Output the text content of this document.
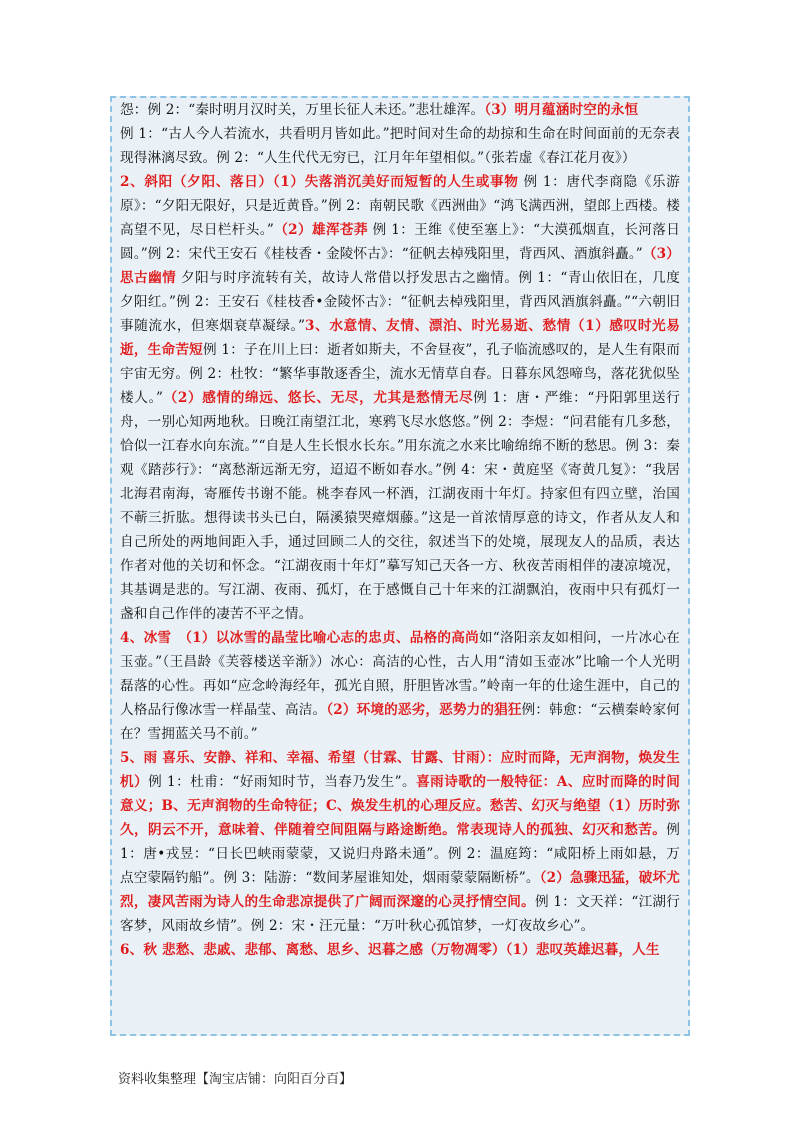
怨：例 2：“秦时明月汉时关，万里长征人未还。”悲壮雄浑。（3）明月蕴涵时空的永恒
例 1：“古人今人若流水，共看明月皆如此。”把时间对生命的劫掠和生命在时间面前的无奈表现得淋漓尽致。例 2：“人生代代无穷已，江月年年望相似。”（张若虚《春江花月夜》）
2、斜阳（夕阳、落日）（1）失落消沉美好而短暂的人生或事物 例 1：唐代李商隐《乐游原》：“夕阳无限好，只是近黄昏。”例 2：南朝民歌《西洲曲》“鸿飞满西洲，望郎上西楼。楼高望不见，尽日栏杆头。”（2）雄浑苍莽 例 1：王维《使至塞上》：“大漠孤烟直，长河落日圆。”例 2：宋代王安石《桂枝香・金陵怀古》：“征帆去棹残阳里，背西风、酒旗斜矗。”（3）思古幽情 夕阳与时序流转有关，故诗人常借以抒发思古之幽情。例 1：“青山依旧在，几度夕阳红。”例 2：王安石《桂枝香•金陵怀古》：“征帆去棹残阳里，背西风酒旗斜矗。”“六朝旧事随流水，但寒烟衰草凝绿。”3、水意情、友情、漂泊、时光易逝、愁情（1）感叹时光易逝，生命苦短例 1：子在川上曰：逝者如斯夫，不舍昼夜”，孔子临流感叹的，是人生有限而宇宙无穷。例 2：杜牧：“繁华事散逐香尘，流水无情草自春。日暮东风怨啼鸟，落花犹似坠楼人。”（2）感情的绵远、悠长、无尽，尤其是愁情无尽例 1：唐・严维：“丹阳郭里送行舟，一别心知两地秋。日晚江南望江北，寒鸦飞尽水悠悠。”例 2：李煜：“问君能有几多愁，恰似一江春水向东流。”“自是人生长恨水长东。”用东流之水来比喻绵绵不断的愁思。例 3：秦观《踏莎行》：“离愁渐远渐无穷，迢迢不断如春水。”例 4：宋・黄庭坚《寄黄几复》：“我居北海君南海，寄雁传书谢不能。桃李春风一杯酒，江湖夜雨十年灯。持家但有四立壁，治国不蕲三折肱。想得读书头已白，隔溪猿哭瘴烟藤。”这是一首浓情厚意的诗文，作者从友人和自己所处的两地间距入手，通过回顾二人的交往，叙述当下的处境，展现友人的品质，表达作者对他的关切和怀念。“江湖夜雨十年灯”摹写知己天各一方、秋夜苦雨相伴的凄凉境况，其基调是悲的。写江湖、夜雨、孤灯，在于感慨自己十年来的江湖飘泊，夜雨中只有孤灯一盏和自己作伴的凄苦不平之情。
4、冰雪　（1）以冰雪的晶莹比喻心志的忠贞、品格的高尚如“洛阳亲友如相问，一片冰心在玉壶。”（王昌龄《芙蓉楼送辛渐》）冰心：高洁的心性，古人用“清如玉壶冰”比喻一个人光明磊落的心性。再如“应念岭海经年，孤光自照，肝胆皆冰雪。”岭南一年的仕途生涯中，自己的人格品行像冰雪一样晶莹、高洁。（2）环境的恶劣，恶势力的猖狂例：韩愈：“云横秦岭家何在？雪拥蓝关马不前。”
5、雨 喜乐、安静、祥和、幸福、希望（甘霖、甘露、甘雨）：应时而降，无声润物，焕发生机）例 1：杜甫：“好雨知时节，当春乃发生”。喜雨诗歌的一般特征：A、应时而降的时间意义；B、无声润物的生命特征；C、焕发生机的心理反应。愁苦、幻灭与绝望（1）历时弥久，阴云不开，意味着、伴随着空间阻隔与路途断绝。常表现诗人的孤独、幻灭和愁苦。例 1：唐•戎昱：“日长巴峡雨蒙蒙，又说归舟路未通”。例 2：温庭筠：“咸阳桥上雨如悬，万点空蒙隔钓船”。例 3：陆游：“数间茅屋谁知处，烟雨蒙蒙隔断桥”。（2）急骤迅猛，破坏尤烈，凄风苦雨为诗人的生命悲凉提供了广阔而深邃的心灵抒情空间。例 1：文天祥：“江湖行客梦，风雨故乡情”。例 2：宋・汪元量：“万叶秋心孤馆梦，一灯夜故乡心”。
6、秋 悲愁、悲戚、悲郁、离愁、思乡、迟暮之感（万物凋零）（1）悲叹英雄迟暮，人生
资料收集整理【淘宝店铺：向阳百分百】
